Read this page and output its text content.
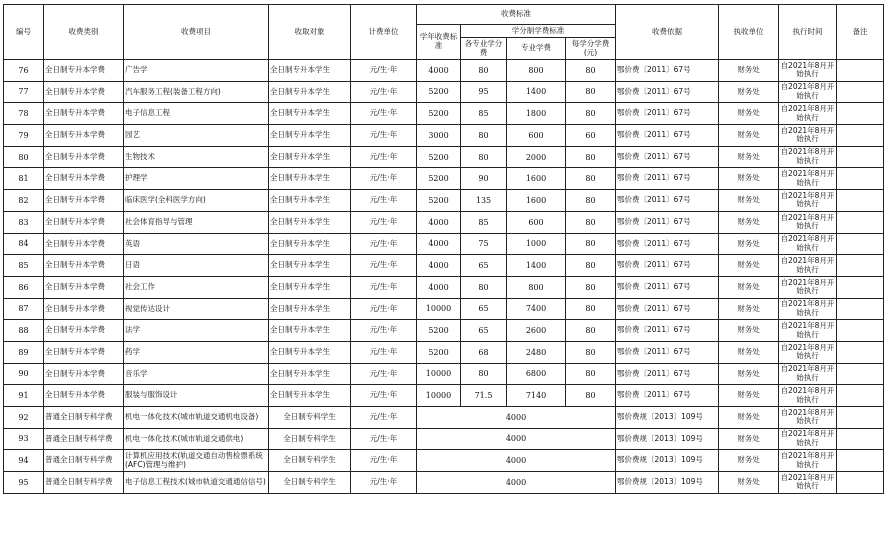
编号	收费类别	收费项目	收取对象	计费单位	收费标准				收费依据	执收单位	执行时间	备注
					学年收费标准	学分制学费标准						
						各专业学分费	专业学费	每学分学费(元)				
76	全日制专升本学费	广告学	全日制专升本学生	元/生·年	4000	80	800	80	鄂价费〔2011〕67号	财务处	自2021年8月开始执行	
77	全日制专升本学费	汽车服务工程(装备工程方向)	全日制专升本学生	元/生·年	5200	95	1400	80	鄂价费〔2011〕67号	财务处	自2021年8月开始执行	
78	全日制专升本学费	电子信息工程	全日制专升本学生	元/生·年	5200	85	1800	80	鄂价费〔2011〕67号	财务处	自2021年8月开始执行	
79	全日制专升本学费	园艺	全日制专升本学生	元/生·年	3000	80	600	60	鄂价费〔2011〕67号	财务处	自2021年8月开始执行	
80	全日制专升本学费	生物技术	全日制专升本学生	元/生·年	5200	80	2000	80	鄂价费〔2011〕67号	财务处	自2021年8月开始执行	
81	全日制专升本学费	护理学	全日制专升本学生	元/生·年	5200	90	1600	80	鄂价费〔2011〕67号	财务处	自2021年8月开始执行	
82	全日制专升本学费	临床医学(全科医学方向)	全日制专升本学生	元/生·年	5200	135	1600	80	鄂价费〔2011〕67号	财务处	自2021年8月开始执行	
83	全日制专升本学费	社会体育指导与管理	全日制专升本学生	元/生·年	4000	85	600	80	鄂价费〔2011〕67号	财务处	自2021年8月开始执行	
84	全日制专升本学费	英语	全日制专升本学生	元/生·年	4000	75	1000	80	鄂价费〔2011〕67号	财务处	自2021年8月开始执行	
85	全日制专升本学费	日语	全日制专升本学生	元/生·年	4000	65	1400	80	鄂价费〔2011〕67号	财务处	自2021年8月开始执行	
86	全日制专升本学费	社会工作	全日制专升本学生	元/生·年	4000	80	800	80	鄂价费〔2011〕67号	财务处	自2021年8月开始执行	
87	全日制专升本学费	视觉传达设计	全日制专升本学生	元/生·年	10000	65	7400	80	鄂价费〔2011〕67号	财务处	自2021年8月开始执行	
88	全日制专升本学费	法学	全日制专升本学生	元/生·年	5200	65	2600	80	鄂价费〔2011〕67号	财务处	自2021年8月开始执行	
89	全日制专升本学费	药学	全日制专升本学生	元/生·年	5200	68	2480	80	鄂价费〔2011〕67号	财务处	自2021年8月开始执行	
90	全日制专升本学费	音乐学	全日制专升本学生	元/生·年	10000	80	6800	80	鄂价费〔2011〕67号	财务处	自2021年8月开始执行	
91	全日制专升本学费	服装与服饰设计	全日制专升本学生	元/生·年	10000	71.5	7140	80	鄂价费〔2011〕67号	财务处	自2021年8月开始执行	
92	普通全日制专科学费	机电一体化技术(城市轨道交通机电设备)	全日制专科学生	元/生·年	4000				鄂价费规〔2013〕109号	财务处	自2021年8月开始执行	
93	普通全日制专科学费	机电一体化技术(城市轨道交通供电)	全日制专科学生	元/生·年	4000				鄂价费规〔2013〕109号	财务处	自2021年8月开始执行	
94	普通全日制专科学费	计算机应用技术(轨道交通自动售检票系统(AFC)管理与维护)	全日制专科学生	元/生·年	4000				鄂价费规〔2013〕109号	财务处	自2021年8月开始执行	
95	普通全日制专科学费	电子信息工程技术(城市轨道交通通信信号)	全日制专科学生	元/生·年	4000				鄂价费规〔2013〕109号	财务处	自2021年8月开始执行	
